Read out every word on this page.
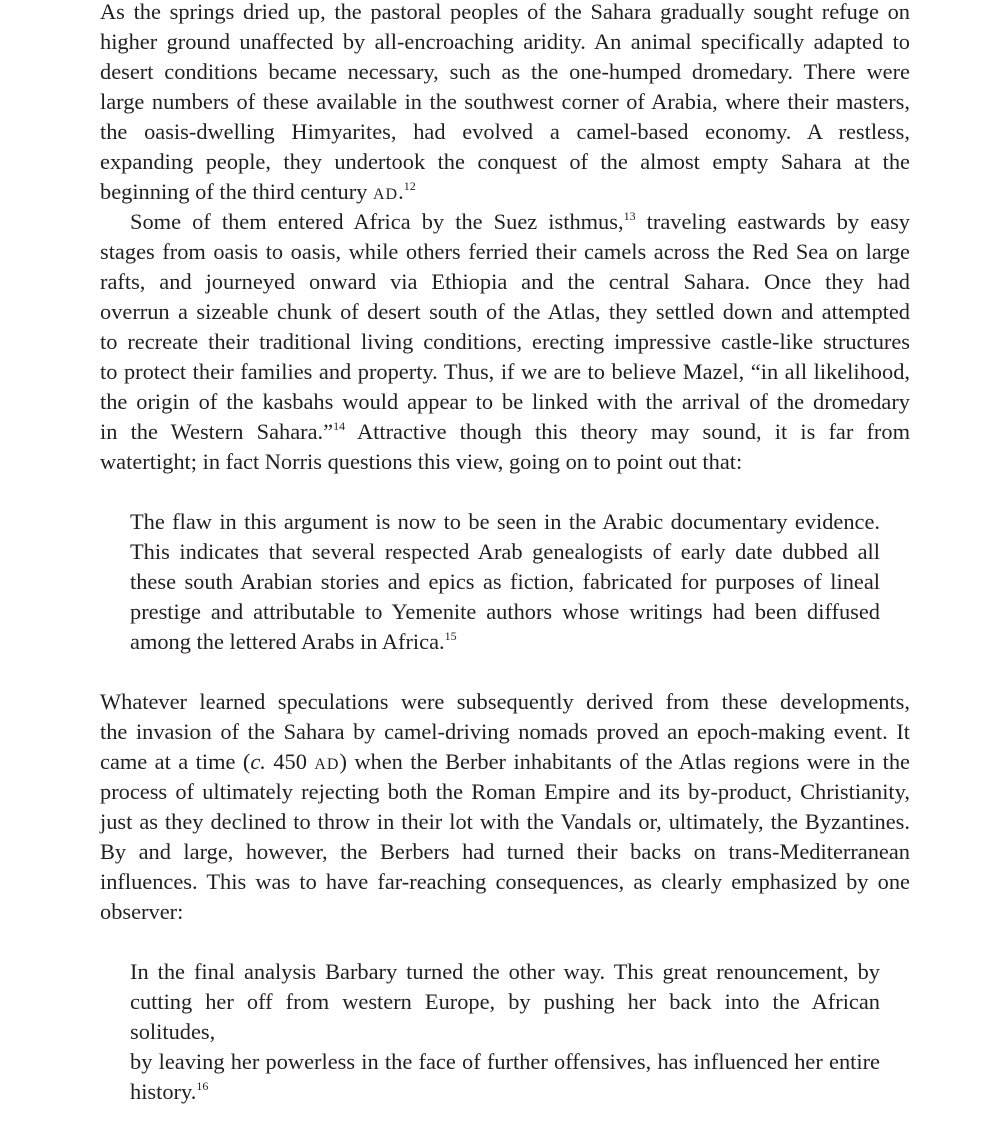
As the springs dried up, the pastoral peoples of the Sahara gradually sought refuge on
higher ground unaffected by all-encroaching aridity. An animal specifically adapted to
desert conditions became necessary, such as the one-humped dromedary. There were
large numbers of these available in the southwest corner of Arabia, where their masters,
the oasis-dwelling Himyarites, had evolved a camel-based economy. A restless,
expanding people, they undertook the conquest of the almost empty Sahara at the
beginning of the third century ad.$^{12}$

Some of them entered Africa by the Suez isthmus,$^{13}$ traveling eastwards by easy
stages from oasis to oasis, while others ferried their camels across the Red Sea on large
rafts, and journeyed onward via Ethiopia and the central Sahara. Once they had
overrun a sizeable chunk of desert south of the Atlas, they settled down and attempted
to recreate their traditional living conditions, erecting impressive castle-like structures
to protect their families and property. Thus, if we are to believe Mazel, “in all likelihood,
the origin of the kasbahs would appear to be linked with the arrival of the dromedary
in the Western Sahara.”$^{14}$ Attractive though this theory may sound, it is far from
watertight; in fact Norris questions this view, going on to point out that:

The flaw in this argument is now to be seen in the Arabic documentary evidence.
This indicates that several respected Arab genealogists of early date dubbed all
these south Arabian stories and epics as fiction, fabricated for purposes of lineal
prestige and attributable to Yemenite authors whose writings had been diffused
among the lettered Arabs in Africa.$^{15}$

Whatever learned speculations were subsequently derived from these developments,
the invasion of the Sahara by camel-driving nomads proved an epoch-making event. It
came at a time (c. 450 ad) when the Berber inhabitants of the Atlas regions were in the
process of ultimately rejecting both the Roman Empire and its by-product, Christianity,
just as they declined to throw in their lot with the Vandals or, ultimately, the Byzantines.
By and large, however, the Berbers had turned their backs on trans-Mediterranean
influences. This was to have far-reaching consequences, as clearly emphasized by one
observer:

In the final analysis Barbary turned the other way. This great renouncement, by
cutting her off from western Europe, by pushing her back into the African solitudes,
by leaving her powerless in the face of further offensives, has influenced her entire
history.$^{16}$
